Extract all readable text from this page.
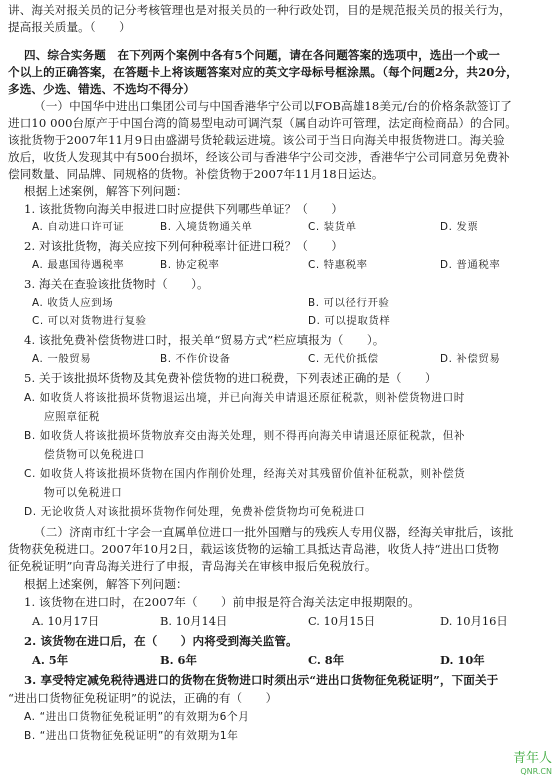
讲、海关对报关员的记分考核管理也是对报关员的一种行政处罚，目的是规范报关员的报关行为，
提高报关质量。（　　）
四、综合实务题　在下列两个案例中各有5个问题，请在各问题答案的选项中，选出一个或一
个以上的正确答案，在答题卡上将该题答案对应的英文字母标号框涂黑。（每个问题2分，共20分，
多选、少选、错选、不选均不得分）
（一）中国华中进出口集团公司与中国香港华宁公司以FOB高雄18美元/台的价格条款签订了
进口10 000台原产于中国台湾的简易型电动可调汽泵（属自动许可管理，法定商检商品）的合同。
该批货物于2007年11月9日由盛湖号货轮载运进境。该公司于当日向海关申报货物进口。海关验
放后，收货人发现其中有500台损坏，经该公司与香港华宁公司交涉，香港华宁公司同意另免费补
偿同数量、同品牌、同规格的货物。补偿货物于2007年11月18日运达。
根据上述案例，解答下列问题：
1. 该批货物向海关申报进口时应提供下列哪些单证？（　　）
A. 自动进口许可证	B. 入境货物通关单	C. 装货单	D. 发票
2. 对该批货物，海关应按下列何种税率计征进口税？（　　）
A. 最惠国待遇税率	B. 协定税率	C. 特惠税率	D. 普通税率
3. 海关在查验该批货物时（　　）。
A. 收货人应到场	B. 可以径行开验
C. 可以对货物进行复验	D. 可以提取货样
4. 该批免费补偿货物进口时，报关单“贸易方式”栏应填报为（　　）。
A. 一般贸易	B. 不作价设备	C. 无代价抵偿	D. 补偿贸易
5. 关于该批损坏货物及其免费补偿货物的进口税费，下列表述正确的是（　　）
A. 如收货人将该批损坏货物退运出境，并已向海关申请退还原征税款，则补偿货物进口时
应照章征税
B. 如收货人将该批损坏货物放弃交由海关处理，则不得再向海关申请退还原征税款，但补
偿货物可以免税进口
C. 如收货人将该批损坏货物在国内作削价处理，经海关对其残留价值补征税款，则补偿货
物可以免税进口
D. 无论收货人对该批损坏货物作何处理，免费补偿货物均可免税进口
（二）济南市红十字会一直属单位进口一批外国赠与的残疾人专用仪器，经海关审批后，该批
货物获免税进口。2007年10月2日，载运该货物的运输工具抵达青岛港，收货人持“进出口货物
征免税证明”向青岛海关进行了申报，青岛海关在审核申报后免税放行。
根据上述案例，解答下列问题：
1. 该货物在进口时，在2007年（　　）前申报是符合海关法定申报期限的。
A. 10月17日	B. 10月14日	C. 10月15日	D. 10月16日
2. 该货物在进口后，在（　　）内将受到海关监管。
A. 5年	B. 6年	C. 8年	D. 10年
3. 享受特定减免税待遇进口的货物在货物进口时须出示“进出口货物征免税证明”，下面关于
“进出口货物征免税证明”的说法，正确的有（　　）
A. “进出口货物征免税证明”的有效期为6个月
B. “进出口货物征免税证明”的有效期为1年
青年人
QNR.CN
